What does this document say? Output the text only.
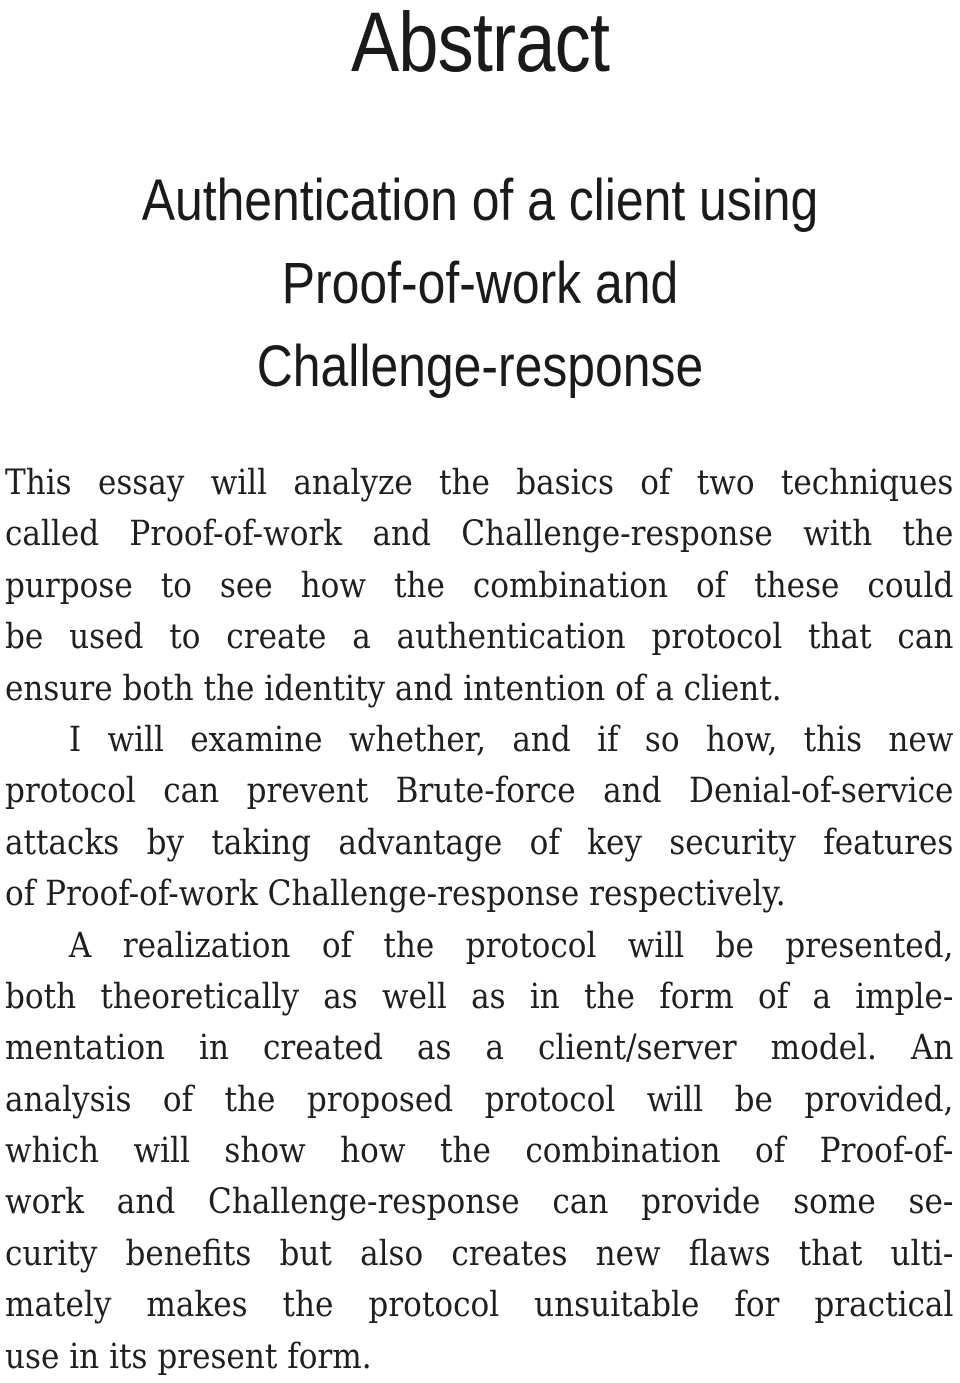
Abstract
Authentication of a client using
Proof-of-work and
Challenge-response
This essay will analyze the basics of two techniques
called Proof-of-work and Challenge-response with the
purpose to see how the combination of these could
be used to create a authentication protocol that can
ensure both the identity and intention of a client.
I will examine whether, and if so how, this new
protocol can prevent Brute-force and Denial-of-service
attacks by taking advantage of key security features
of Proof-of-work Challenge-response respectively.
A realization of the protocol will be presented,
both theoretically as well as in the form of a imple-
mentation in created as a client/server model. An
analysis of the proposed protocol will be provided,
which will show how the combination of Proof-of-
work and Challenge-response can provide some se-
curity benefits but also creates new flaws that ulti-
mately makes the protocol unsuitable for practical
use in its present form.
